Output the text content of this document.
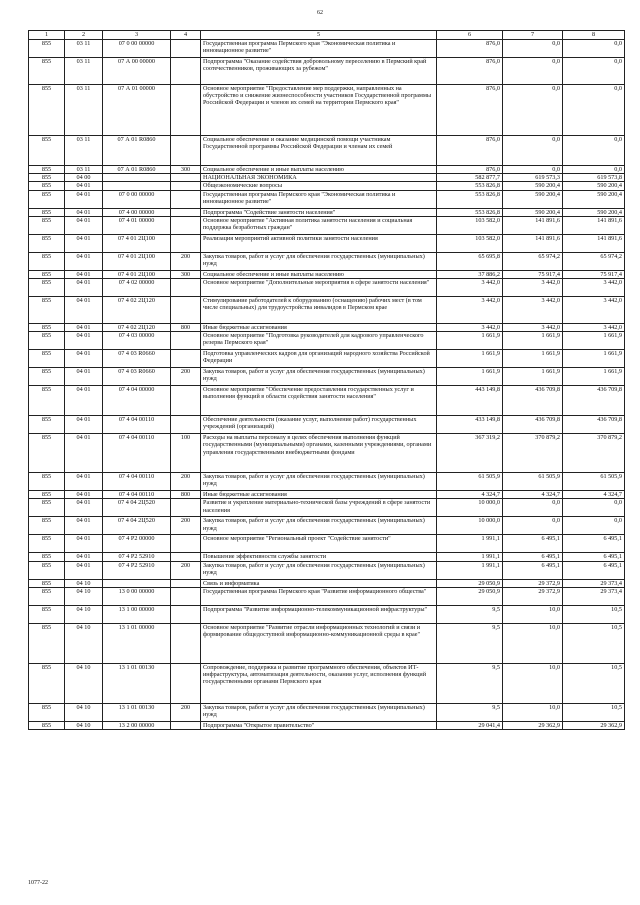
62
1	2	3	4	5	6	7	8
855	03 11	07 0 00 00000		Государственная программа Пермского края "Экономическая политика и инновационное развитие"	876,0	0,0	0,0
855	03 11	07 А 00 00000		Подпрограмма "Оказание содействия добровольному переселению в Пермский край соотечественников, проживающих за рубежом"	876,0	0,0	0,0
855	03 11	07 А 01 00000		Основное мероприятие "Предоставление мер поддержки, направленных на обустройство и снижение жизнеспособности участников Государственной программы Российской Федерации и членов их семей на территории Пермского края"	876,0	0,0	0,0
855	03 11	07 А 01 R0860		Социальное обеспечение и оказание медицинской помощи участникам Государственной программы Российской Федерации и членам их семей	876,0	0,0	0,0
855	03 11	07 А 01 R0860	300	Социальное обеспечение и иные выплаты населению	876,0	0,0	0,0
855	04 00			НАЦИОНАЛЬНАЯ ЭКОНОМИКА	582 877,7	619 573,3	619 573,8
855	04 01			Общеэкономические вопросы	553 826,8	590 200,4	590 200,4
855	04 01	07 0 00 00000		Государственная программа Пермского края "Экономическая политика и инновационное развитие"	553 826,8	590 200,4	590 200,4
855	04 01	07 4 00 00000		Подпрограмма "Содействие занятости населения"	553 826,8	590 200,4	590 200,4
855	04 01	07 4 01 00000		Основное мероприятие "Активная политика занятости населения и социальная поддержка безработных граждан"	103 582,0	141 891,6	141 891,6
855	04 01	07 4 01 2Ц100		Реализация мероприятий активной политики занятости населения	103 582,0	141 891,6	141 891,6
855	04 01	07 4 01 2Ц100	200	Закупка товаров, работ и услуг для обеспечения государственных (муниципальных) нужд	65 695,8	65 974,2	65 974,2
855	04 01	07 4 01 2Ц100	300	Социальное обеспечение и иные выплаты населению	37 886,2	75 917,4	75 917,4
855	04 01	07 4 02 00000		Основное мероприятие "Дополнительные мероприятия в сфере занятости населения"	3 442,0	3 442,0	3 442,0
855	04 01	07 4 02 2Ц120		Стимулирование работодателей к оборудованию (оснащению) рабочих мест (в том числе специальных) для трудоустройства инвалидов в Пермском крае	3 442,0	3 442,0	3 442,0
855	04 01	07 4 02 2Ц120	800	Иные бюджетные ассигнования	3 442,0	3 442,0	3 442,0
855	04 01	07 4 03 00000		Основное мероприятие "Подготовка руководителей для кадрового управленческого резерва Пермского края"	1 661,9	1 661,9	1 661,9
855	04 01	07 4 03 R0660		Подготовка управленческих кадров для организаций народного хозяйства Российской Федерации	1 661,9	1 661,9	1 661,9
855	04 01	07 4 03 R0660	200	Закупка товаров, работ и услуг для обеспечения государственных (муниципальных) нужд	1 661,9	1 661,9	1 661,9
855	04 01	07 4 04 00000		Основное мероприятие "Обеспечение предоставления государственных услуг и выполнения функций в области содействия занятости населения"	443 149,8	436 709,8	436 709,8
855	04 01	07 4 04 00110		Обеспечение деятельности (оказание услуг, выполнение работ) государственных учреждений (организаций)	433 149,8	436 709,8	436 709,8
855	04 01	07 4 04 00110	100	Расходы на выплаты персоналу в целях обеспечения выполнения функций государственными (муниципальными) органами, казенными учреждениями, органами управления государственными внебюджетными фондами	367 319,2	370 879,2	370 879,2
855	04 01	07 4 04 00110	200	Закупка товаров, работ и услуг для обеспечения государственных (муниципальных) нужд	61 505,9	61 505,9	61 505,9
855	04 01	07 4 04 00110	800	Иные бюджетные ассигнования	4 324,7	4 324,7	4 324,7
855	04 01	07 4 04 2Ц520		Развитие и укрепление материально-технической базы учреждений в сфере занятости населения	10 000,0	0,0	0,0
855	04 01	07 4 04 2Ц520	200	Закупка товаров, работ и услуг для обеспечения государственных (муниципальных) нужд	10 000,0	0,0	0,0
855	04 01	07 4 P2 00000		Основное мероприятие "Региональный проект "Содействие занятости"	1 991,1	6 495,1	6 495,1
855	04 01	07 4 P2 52910		Повышение эффективности службы занятости	1 991,1	6 495,1	6 495,1
855	04 01	07 4 P2 52910	200	Закупка товаров, работ и услуг для обеспечения государственных (муниципальных) нужд	1 991,1	6 495,1	6 495,1
855	04 10			Связь и информатика	29 050,9	29 372,9	29 373,4
855	04 10	13 0 00 00000		Государственная программа Пермского края "Развитие информационного общества"	29 050,9	29 372,9	29 373,4
855	04 10	13 1 00 00000		Подпрограмма "Развитие информационно-телекоммуникационной инфраструктуры"	9,5	10,0	10,5
855	04 10	13 1 01 00000		Основное мероприятие "Развитие отрасли информационных технологий и связи и формирование общедоступной информационно-коммуникационной среды в крае"	9,5	10,0	10,5
855	04 10	13 1 01 00130		Сопровождение, поддержка и развитие программного обеспечения, объектов ИТ-инфраструктуры, автоматизация деятельности, оказания услуг, исполнения функций государственными органами Пермского края	9,5	10,0	10,5
855	04 10	13 1 01 00130	200	Закупка товаров, работ и услуг для обеспечения государственных (муниципальных) нужд	9,5	10,0	10,5
855	04 10	13 2 00 00000		Подпрограмма "Открытое правительство"	29 041,4	29 362,9	29 362,9
1077-22
